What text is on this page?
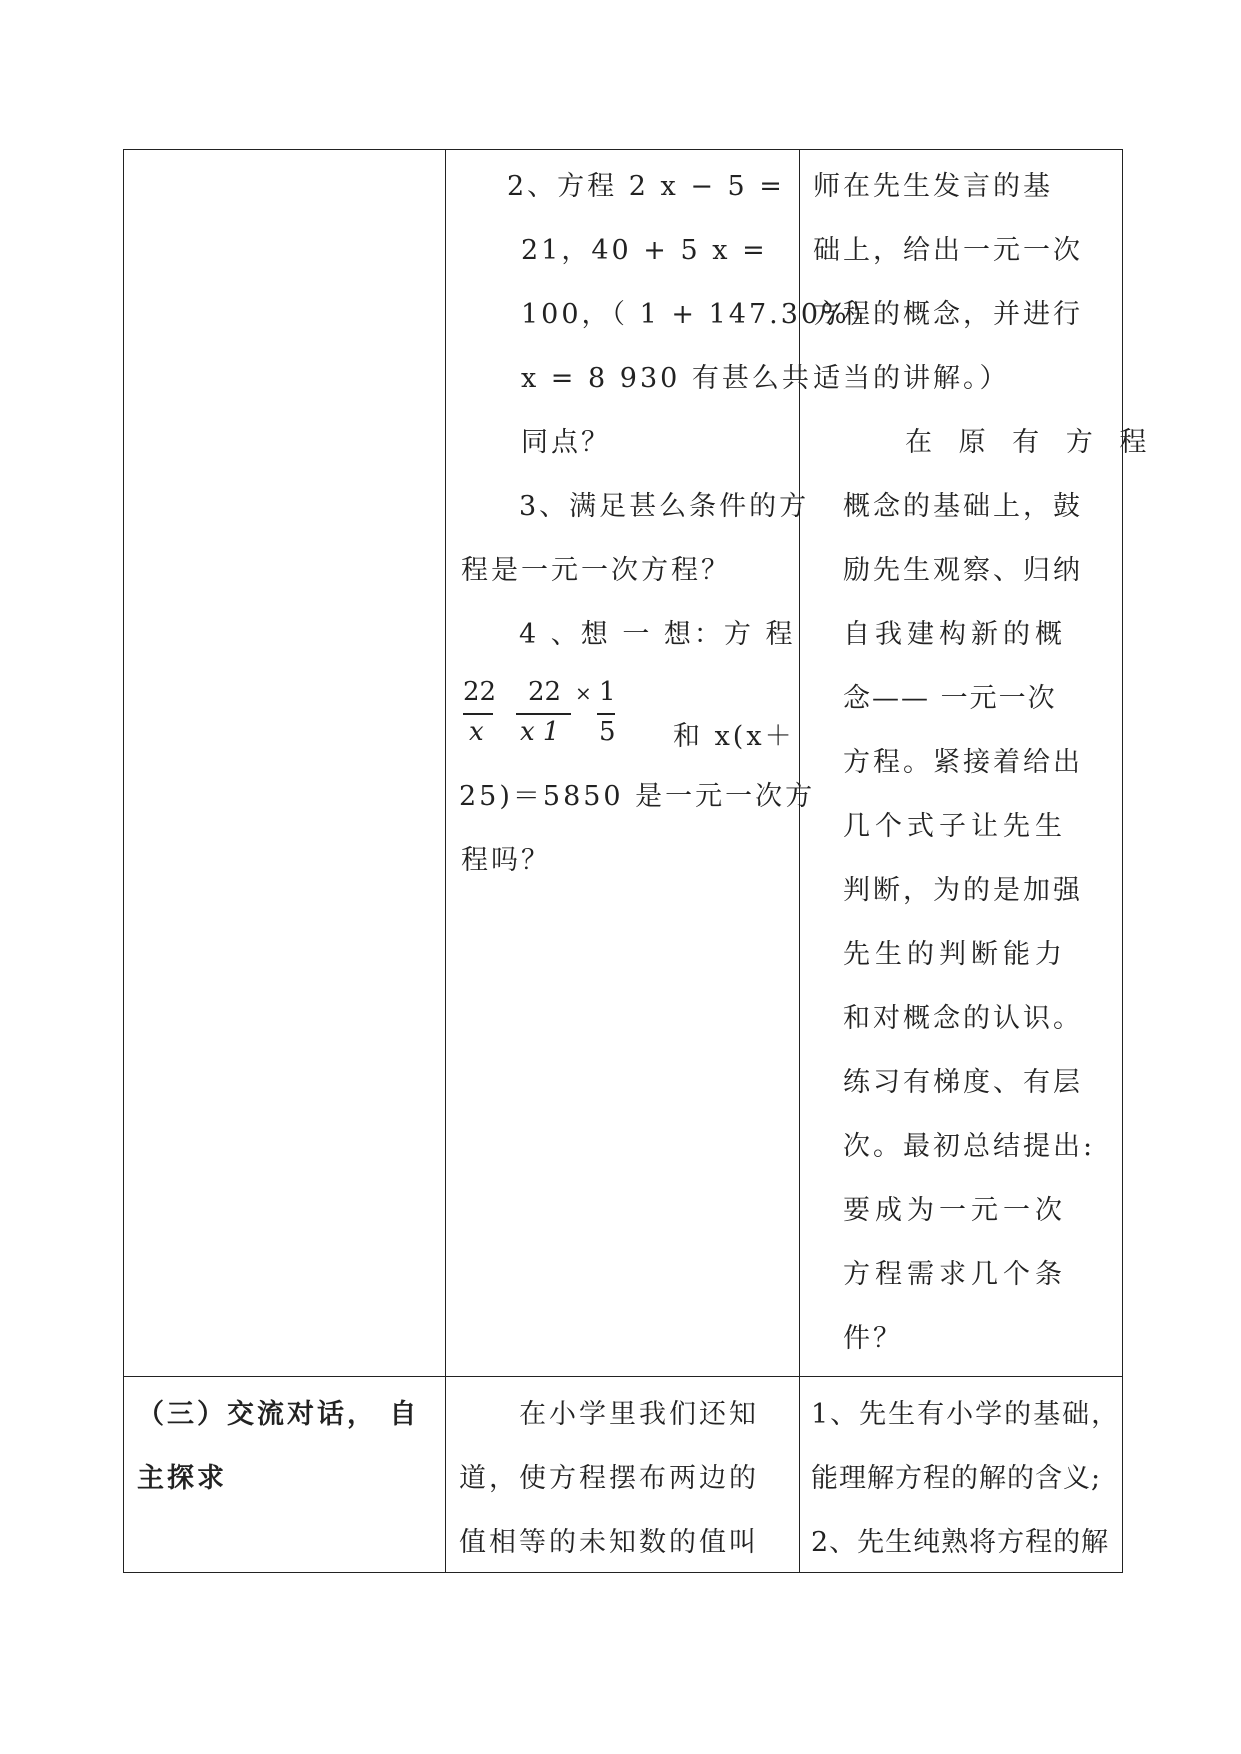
2、方程 2 x − 5 =
21，40 + 5 x =
100，（ 1 + 147.30%）
x = 8 930 有甚么共
同点？
3、满足甚么条件的方
程是一元一次方程？
4 、想 一 想：方 程
22
x
22
x 1
× 1
5 和 x(x＋
25)＝5850 是一元一次方
程吗？
师在先生发言的基
础上，给出一元一次
方程的概念，并进行
适当的讲解。）
在 原 有 方 程
概念的基础上，鼓
励先生观察、归纳
自我建构新的概
念—— 一元一次
方程。紧接着给出
几个式子让先生
判断，为的是加强
先生的判断能力
和对概念的认识。
练习有梯度、有层
次。最初总结提出:
要成为一元一次
方程需求几个条
件？
（三）交流对话， 自
主探求
在小学里我们还知
道，使方程摆布两边的
值相等的未知数的值叫
1、先生有小学的基础，
能理解方程的解的含义;
2、先生纯熟将方程的解
